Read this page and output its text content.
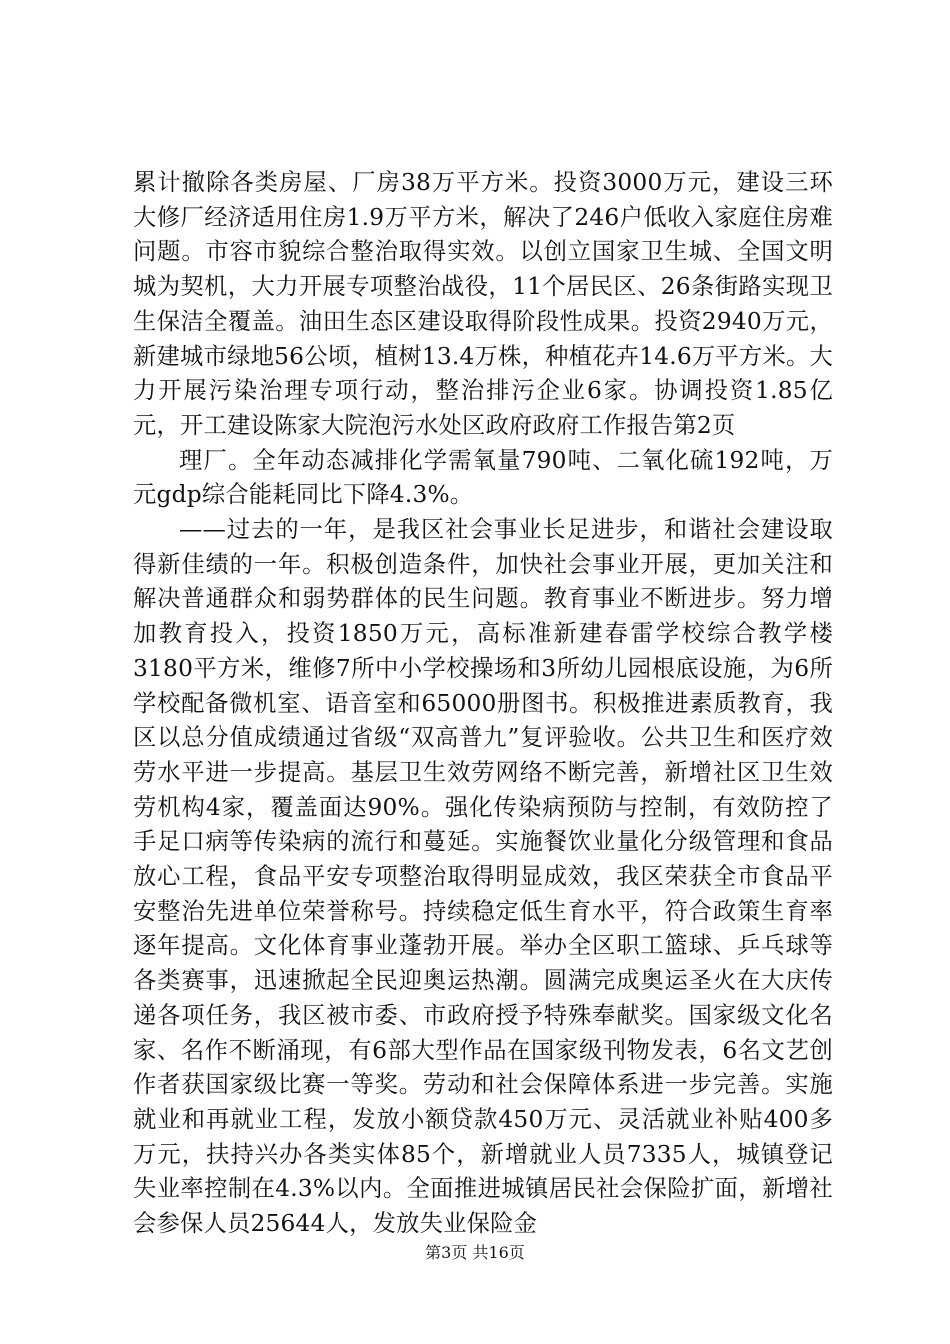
累计撤除各类房屋、厂房38万平方米。投资3000万元，建设三环大修厂经济适用住房1.9万平方米，解决了246户低收入家庭住房难问题。市容市貌综合整治取得实效。以创立国家卫生城、全国文明城为契机，大力开展专项整治战役，11个居民区、26条街路实现卫生保洁全覆盖。油田生态区建设取得阶段性成果。投资2940万元，新建城市绿地56公顷，植树13.4万株，种植花卉14.6万平方米。大力开展污染治理专项行动，整治排污企业6家。协调投资1.85亿元，开工建设陈家大院泡污水处区政府政府工作报告第2页

理厂。全年动态减排化学需氧量790吨、二氧化硫192吨，万元gdp综合能耗同比下降4.3%。

——过去的一年，是我区社会事业长足进步，和谐社会建设取得新佳绩的一年。积极创造条件，加快社会事业开展，更加关注和解决普通群众和弱势群体的民生问题。教育事业不断进步。努力增加教育投入，投资1850万元，高标准新建春雷学校综合教学楼3180平方米，维修7所中小学校操场和3所幼儿园根底设施，为6所学校配备微机室、语音室和65000册图书。积极推进素质教育，我区以总分值成绩通过省级“双高普九”复评验收。公共卫生和医疗效劳水平进一步提高。基层卫生效劳网络不断完善，新增社区卫生效劳机构4家，覆盖面达90%。强化传染病预防与控制，有效防控了手足口病等传染病的流行和蔓延。实施餐饮业量化分级管理和食品放心工程，食品平安专项整治取得明显成效，我区荣获全市食品平安整治先进单位荣誉称号。持续稳定低生育水平，符合政策生育率逐年提高。文化体育事业蓬勃开展。举办全区职工篮球、乒乓球等各类赛事，迅速掀起全民迎奥运热潮。圆满完成奥运圣火在大庆传递各项任务，我区被市委、市政府授予特殊奉献奖。国家级文化名家、名作不断涌现，有6部大型作品在国家级刊物发表，6名文艺创作者获国家级比赛一等奖。劳动和社会保障体系进一步完善。实施就业和再就业工程，发放小额贷款450万元、灵活就业补贴400多万元，扶持兴办各类实体85个，新增就业人员7335人，城镇登记失业率控制在4.3%以内。全面推进城镇居民社会保险扩面，新增社会参保人员25644人，发放失业保险金

第3页 共16页
